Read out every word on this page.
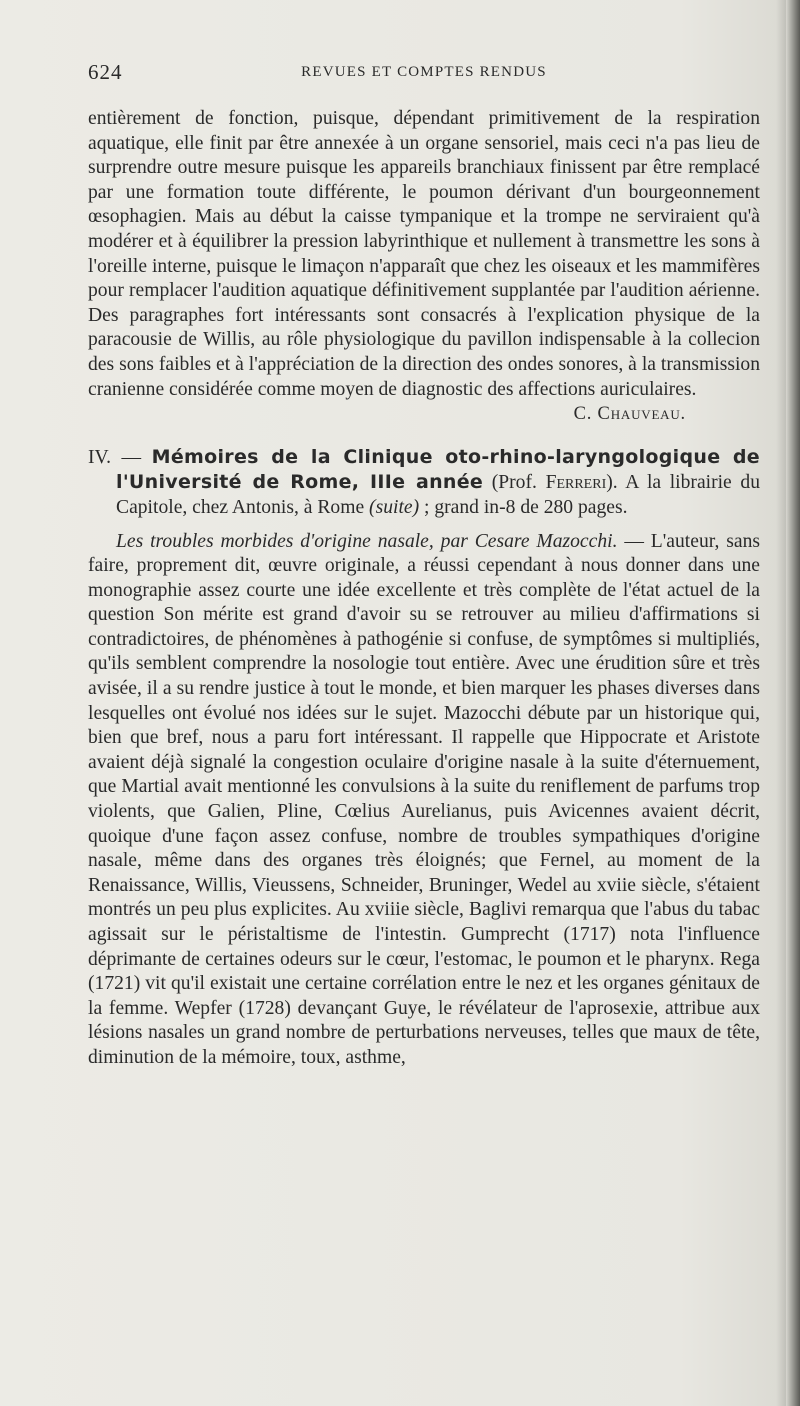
624	REVUES ET COMPTES RENDUS

entièrement de fonction, puisque, dépendant primitivement de la respiration aquatique, elle finit par être annexée à un organe sensoriel, mais ceci n'a pas lieu de surprendre outre mesure puisque les appareils branchiaux finissent par être remplacé par une formation toute différente, le poumon dérivant d'un bourgeonnement œsophagien. Mais au début la caisse tympanique et la trompe ne serviraient qu'à modérer et à équilibrer la pression labyrinthique et nullement à transmettre les sons à l'oreille interne, puisque le limaçon n'apparaît que chez les oiseaux et les mammifères pour remplacer l'audition aquatique définitivement supplantée par l'audition aérienne. Des paragraphes fort intéressants sont consacrés à l'explication physique de la paracousie de Willis, au rôle physiologique du pavillon indispensable à la collecion des sons faibles et à l'appréciation de la direction des ondes sonores, à la transmission cranienne considérée comme moyen de diagnostic des affections auriculaires.

C. Chauveau.

IV. — Mémoires de la Clinique oto-rhino-laryngologique de l'Université de Rome, IIIe année (Prof. Ferreri). A la librairie du Capitole, chez Antonis, à Rome (suite) ; grand in-8 de 280 pages.

Les troubles morbides d'origine nasale, par Cesare Mazocchi. — L'auteur, sans faire, proprement dit, œuvre originale, a réussi cependant à nous donner dans une monographie assez courte une idée excellente et très complète de l'état actuel de la question Son mérite est grand d'avoir su se retrouver au milieu d'affirmations si contradictoires, de phénomènes à pathogénie si confuse, de symptômes si multipliés, qu'ils semblent comprendre la nosologie tout entière. Avec une érudition sûre et très avisée, il a su rendre justice à tout le monde, et bien marquer les phases diverses dans lesquelles ont évolué nos idées sur le sujet. Mazocchi débute par un historique qui, bien que bref, nous a paru fort intéressant. Il rappelle que Hippocrate et Aristote avaient déjà signalé la congestion oculaire d'origine nasale à la suite d'éternuement, que Martial avait mentionné les convulsions à la suite du reniflement de parfums trop violents, que Galien, Pline, Cœlius Aurelianus, puis Avicennes avaient décrit, quoique d'une façon assez confuse, nombre de troubles sympathiques d'origine nasale, même dans des organes très éloignés; que Fernel, au moment de la Renaissance, Willis, Vieussens, Schneider, Bruninger, Wedel au xviie siècle, s'étaient montrés un peu plus explicites. Au xviiie siècle, Baglivi remarqua que l'abus du tabac agissait sur le péristaltisme de l'intestin. Gumprecht (1717) nota l'influence déprimante de certaines odeurs sur le cœur, l'estomac, le poumon et le pharynx. Rega (1721) vit qu'il existait une certaine corrélation entre le nez et les organes génitaux de la femme. Wepfer (1728) devançant Guye, le révélateur de l'aprosexie, attribue aux lésions nasales un grand nombre de perturbations nerveuses, telles que maux de tête, diminution de la mémoire, toux, asthme,
